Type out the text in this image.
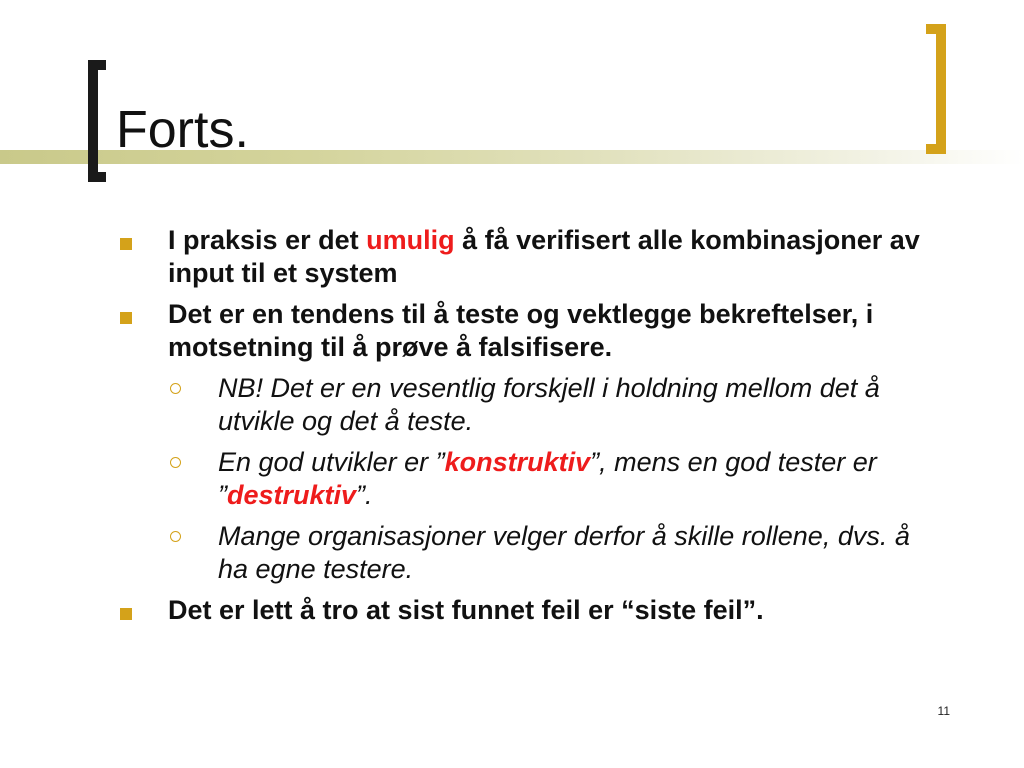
Forts.
I praksis er det umulig å få verifisert alle kombinasjoner av input til et system
Det er en tendens til å teste og vektlegge bekreftelser, i motsetning til å prøve å falsifisere.
NB! Det er en vesentlig forskjell i holdning mellom det å utvikle og det å teste.
En god utvikler er ”konstruktiv”, mens en god tester er ”destruktiv”.
Mange organisasjoner velger derfor å skille rollene, dvs. å ha egne testere.
Det er lett å tro at sist funnet feil er “siste feil”.
11
